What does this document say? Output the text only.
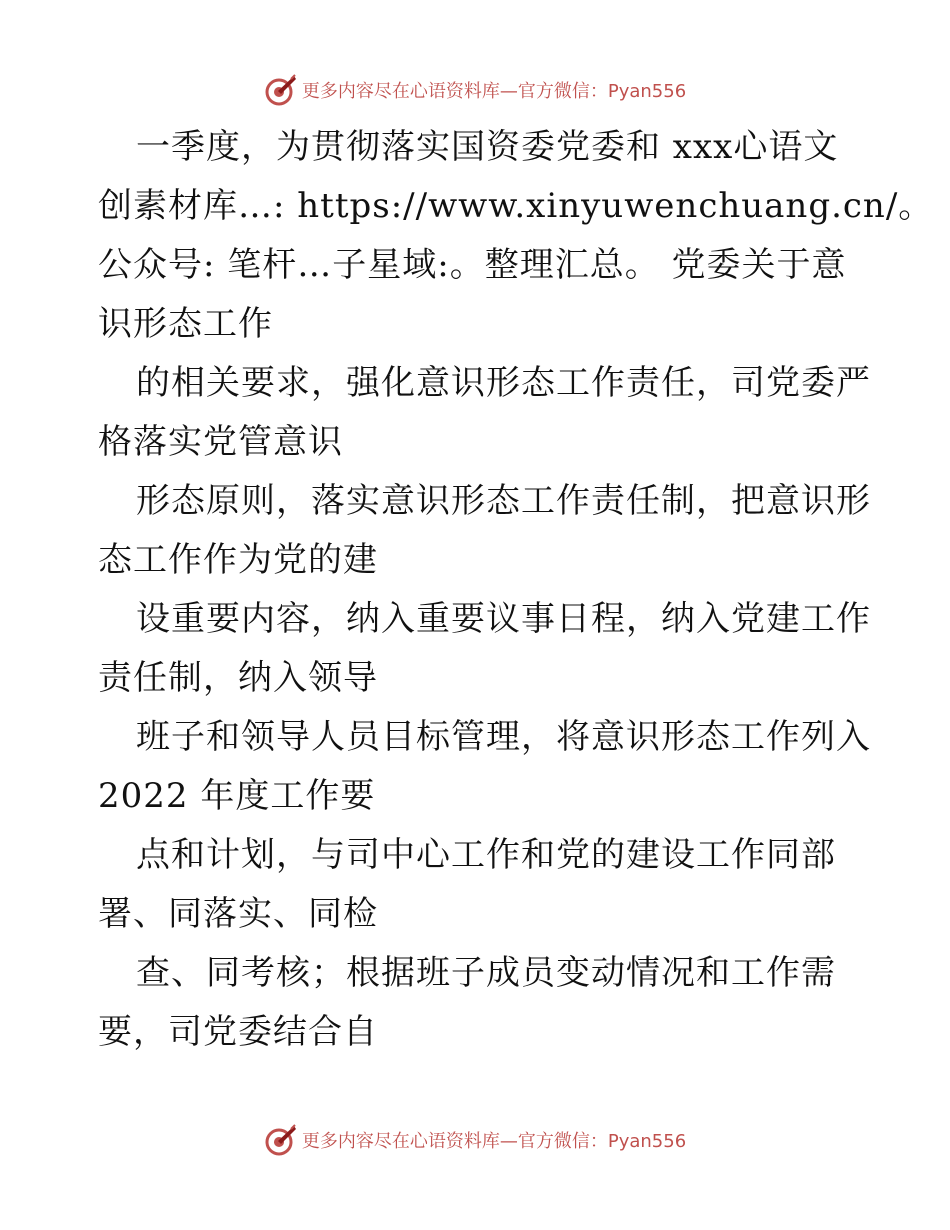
更多内容尽在心语资料库—官方微信：Pyan556
一季度，为贯彻落实国资委党委和 xxx心语文
创素材库…: https://www.xinyuwenchuang.cn/。
公众号: 笔杆…子星域:。整理汇总。 党委关于意
识形态工作
的相关要求，强化意识形态工作责任，司党委严
格落实党管意识
形态原则，落实意识形态工作责任制，把意识形
态工作作为党的建
设重要内容，纳入重要议事日程，纳入党建工作
责任制，纳入领导
班子和领导人员目标管理，将意识形态工作列入
2022 年度工作要
点和计划，与司中心工作和党的建设工作同部
署、同落实、同检
查、同考核；根据班子成员变动情况和工作需
要，司党委结合自
更多内容尽在心语资料库—官方微信：Pyan556
